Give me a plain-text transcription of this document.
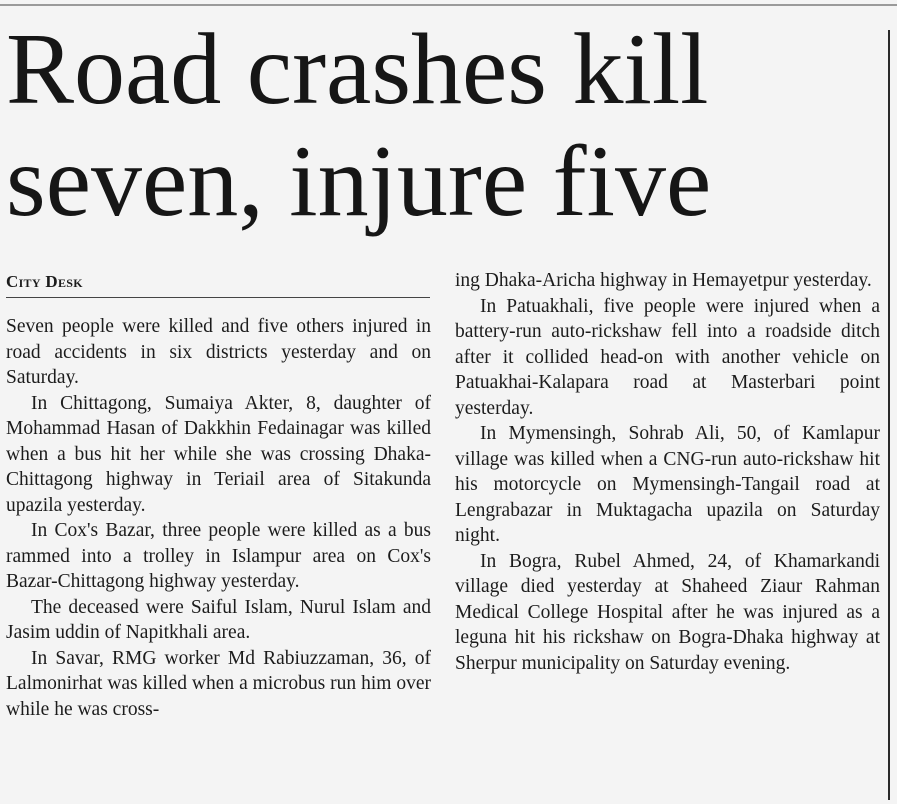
Road crashes kill
seven, injure five
City Desk

Seven people were killed and five others injured in road accidents in six districts yesterday and on Saturday.

In Chittagong, Sumaiya Akter, 8, daughter of Mohammad Hasan of Dakkhin Fedainagar was killed when a bus hit her while she was crossing Dhaka-Chittagong highway in Teriail area of Sitakunda upazila yesterday.

In Cox's Bazar, three people were killed as a bus rammed into a trolley in Islampur area on Cox's Bazar-Chittagong highway yesterday.

The deceased were Saiful Islam, Nurul Islam and Jasim uddin of Napitkhali area.

In Savar, RMG worker Md Rabiuzzaman, 36, of Lalmonirhat was killed when a microbus run him over while he was cross-

ing Dhaka-Aricha highway in Hemayetpur yesterday.

In Patuakhali, five people were injured when a battery-run auto-rickshaw fell into a roadside ditch after it collided head-on with another vehicle on Patuakhai-Kalapara road at Masterbari point yesterday.

In Mymensingh, Sohrab Ali, 50, of Kamlapur village was killed when a CNG-run auto-rickshaw hit his motorcycle on Mymensingh-Tangail road at Lengrabazar in Muktagacha upazila on Saturday night.

In Bogra, Rubel Ahmed, 24, of Khamarkandi village died yesterday at Shaheed Ziaur Rahman Medical College Hospital after he was injured as a leguna hit his rickshaw on Bogra-Dhaka highway at Sherpur municipality on Saturday evening.
